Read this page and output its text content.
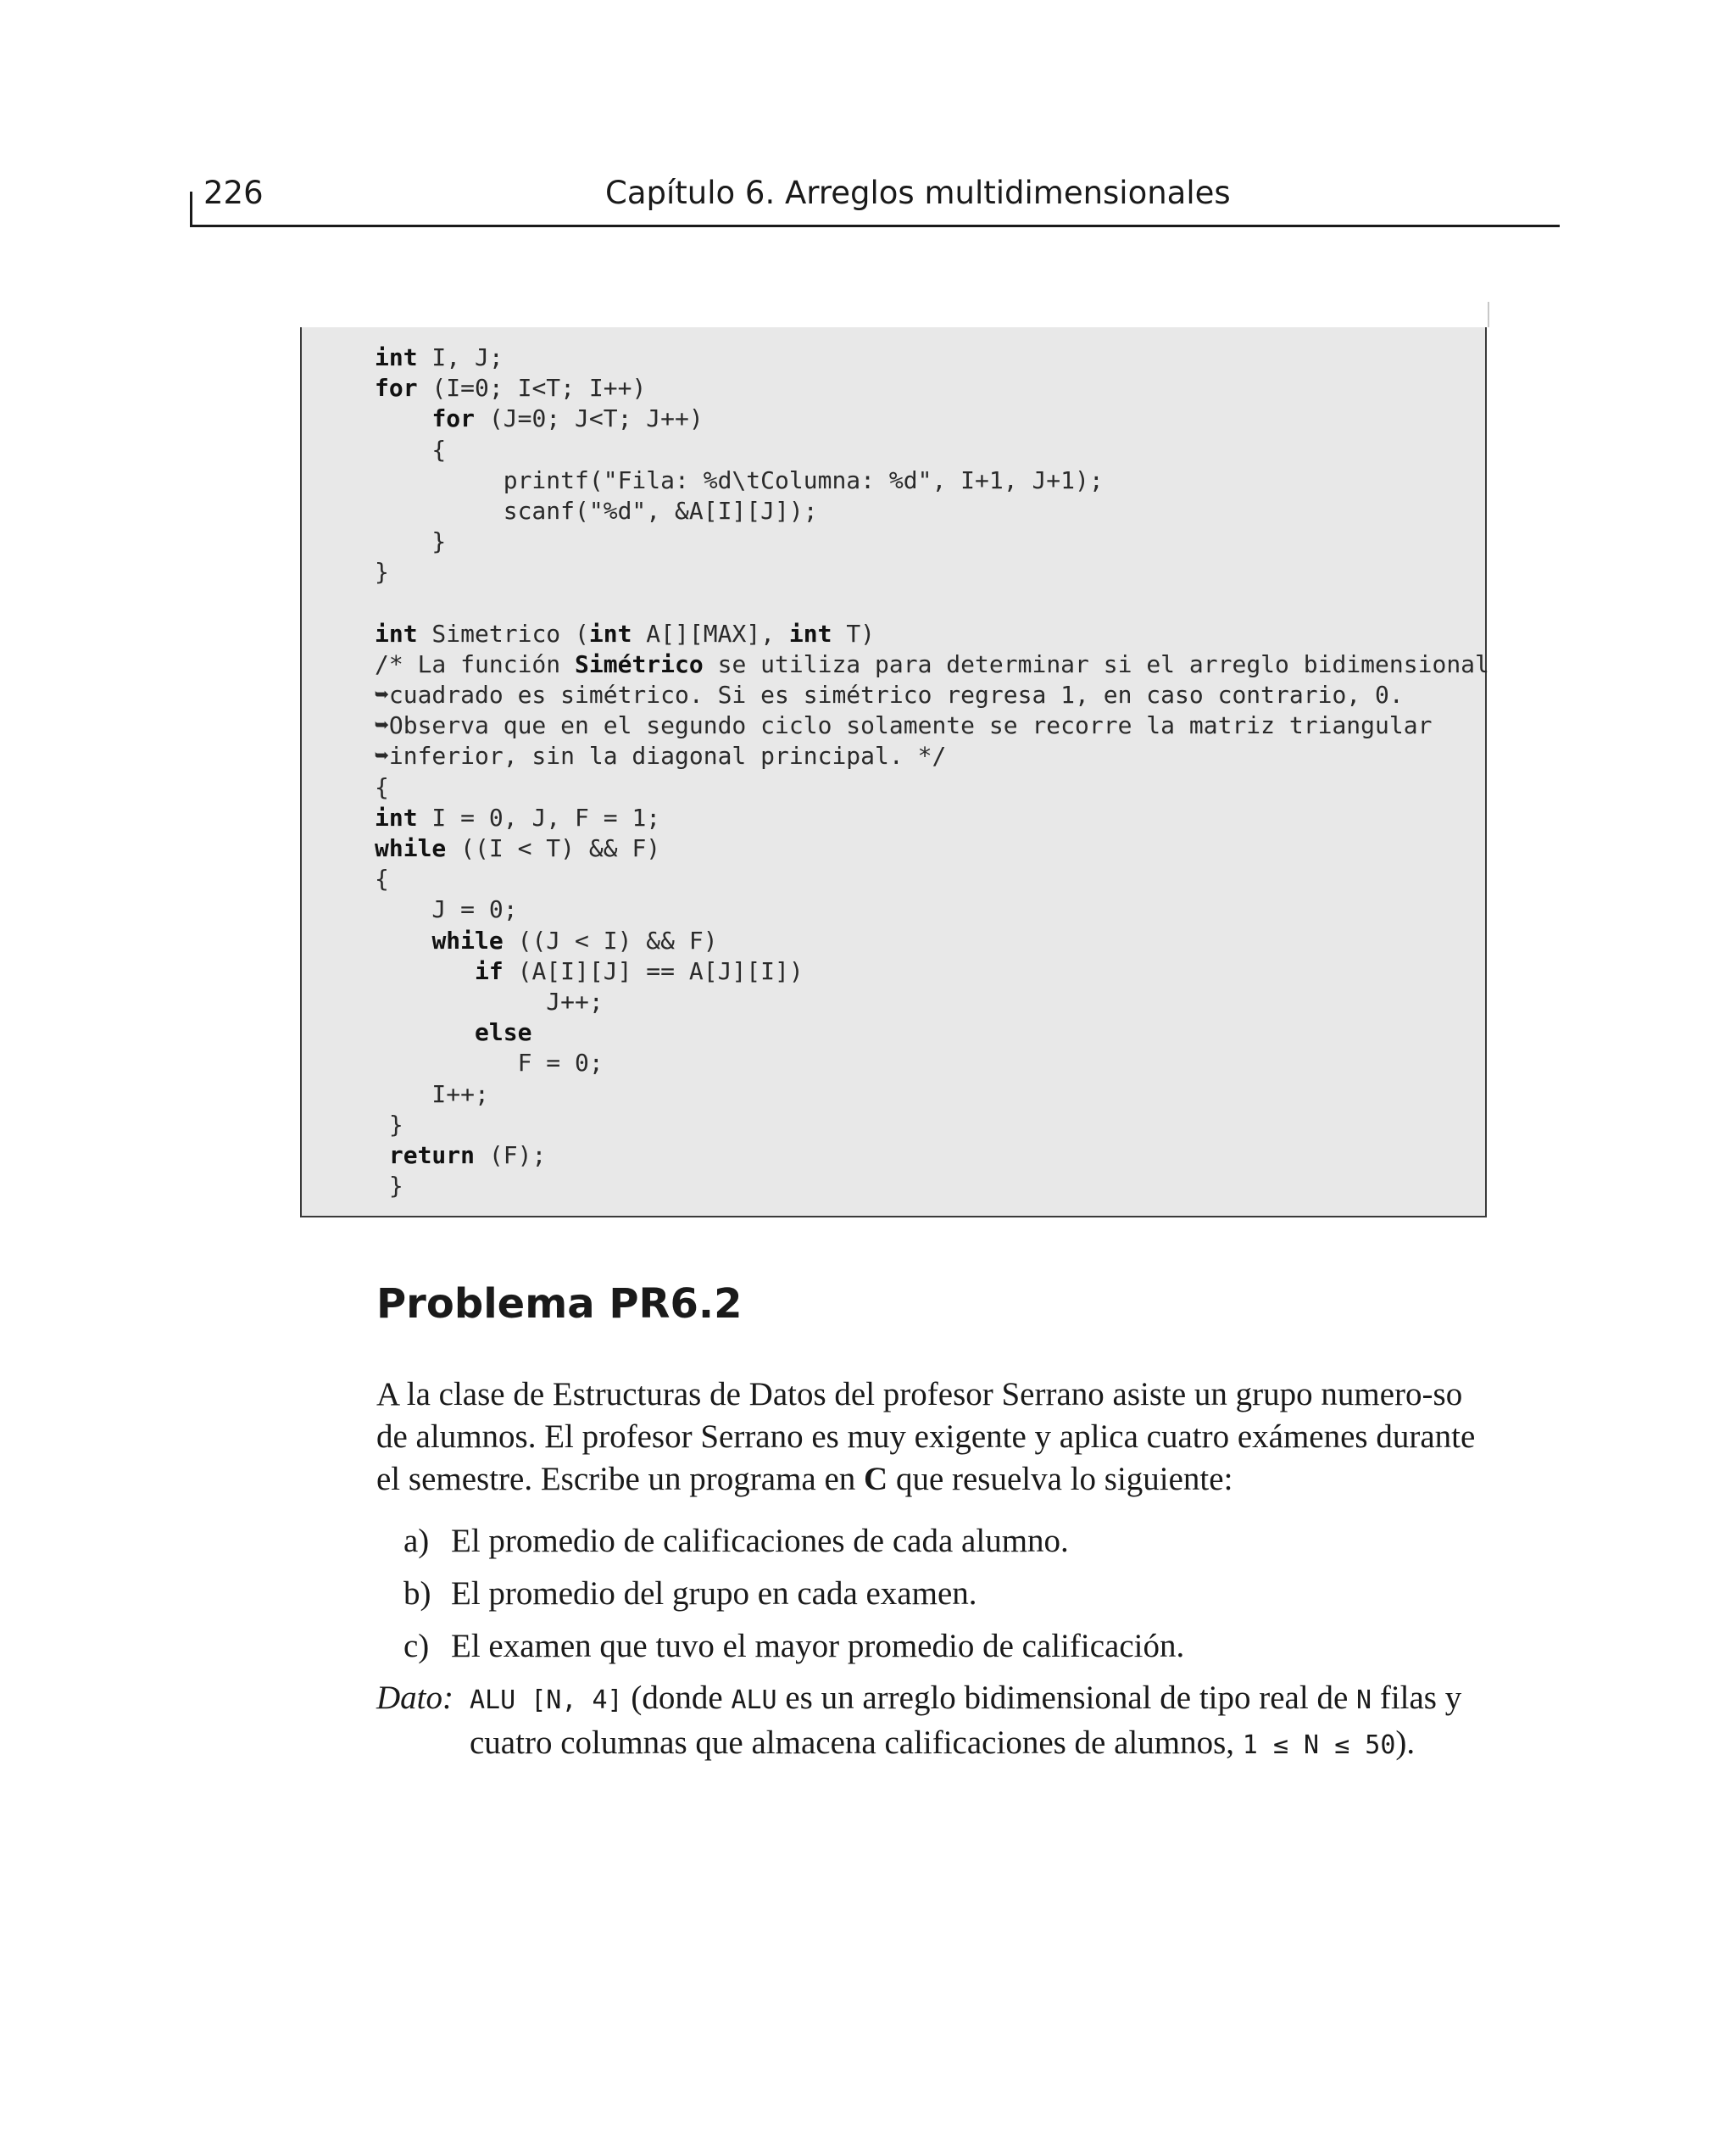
226	Capítulo 6. Arreglos multidimensionales
int I, J;
for (I=0; I<T; I++)
for (J=0; J<T; J++)
{
printf("Fila: %d\tColumna: %d", I+1, J+1);
scanf("%d", &A[I][J]);
}
}
int Simetrico (int A[][MAX], int T)
/* La función Simétrico se utiliza para determinar si el arreglo bidimensional
➥cuadrado es simétrico. Si es simétrico regresa 1, en caso contrario, 0.
➥Observa que en el segundo ciclo solamente se recorre la matriz triangular
➥inferior, sin la diagonal principal. */
{
int I = 0, J, F = 1;
while ((I < T) && F)
{
J = 0;
while ((J < I) && F)
if (A[I][J] == A[J][I])
J++;
else
F = 0;
I++;
}
return (F);
}
Problema PR6.2

A la clase de Estructuras de Datos del profesor Serrano asiste un grupo numero-so de alumnos. El profesor Serrano es muy exigente y aplica cuatro exámenes durante el semestre. Escribe un programa en C que resuelva lo siguiente:

a) El promedio de calificaciones de cada alumno.
b) El promedio del grupo en cada examen.
c) El examen que tuvo el mayor promedio de calificación.
Dato: ALU [N, 4] (donde ALU es un arreglo bidimensional de tipo real de N filas y cuatro columnas que almacena calificaciones de alumnos, 1 ≤ N ≤ 50).
